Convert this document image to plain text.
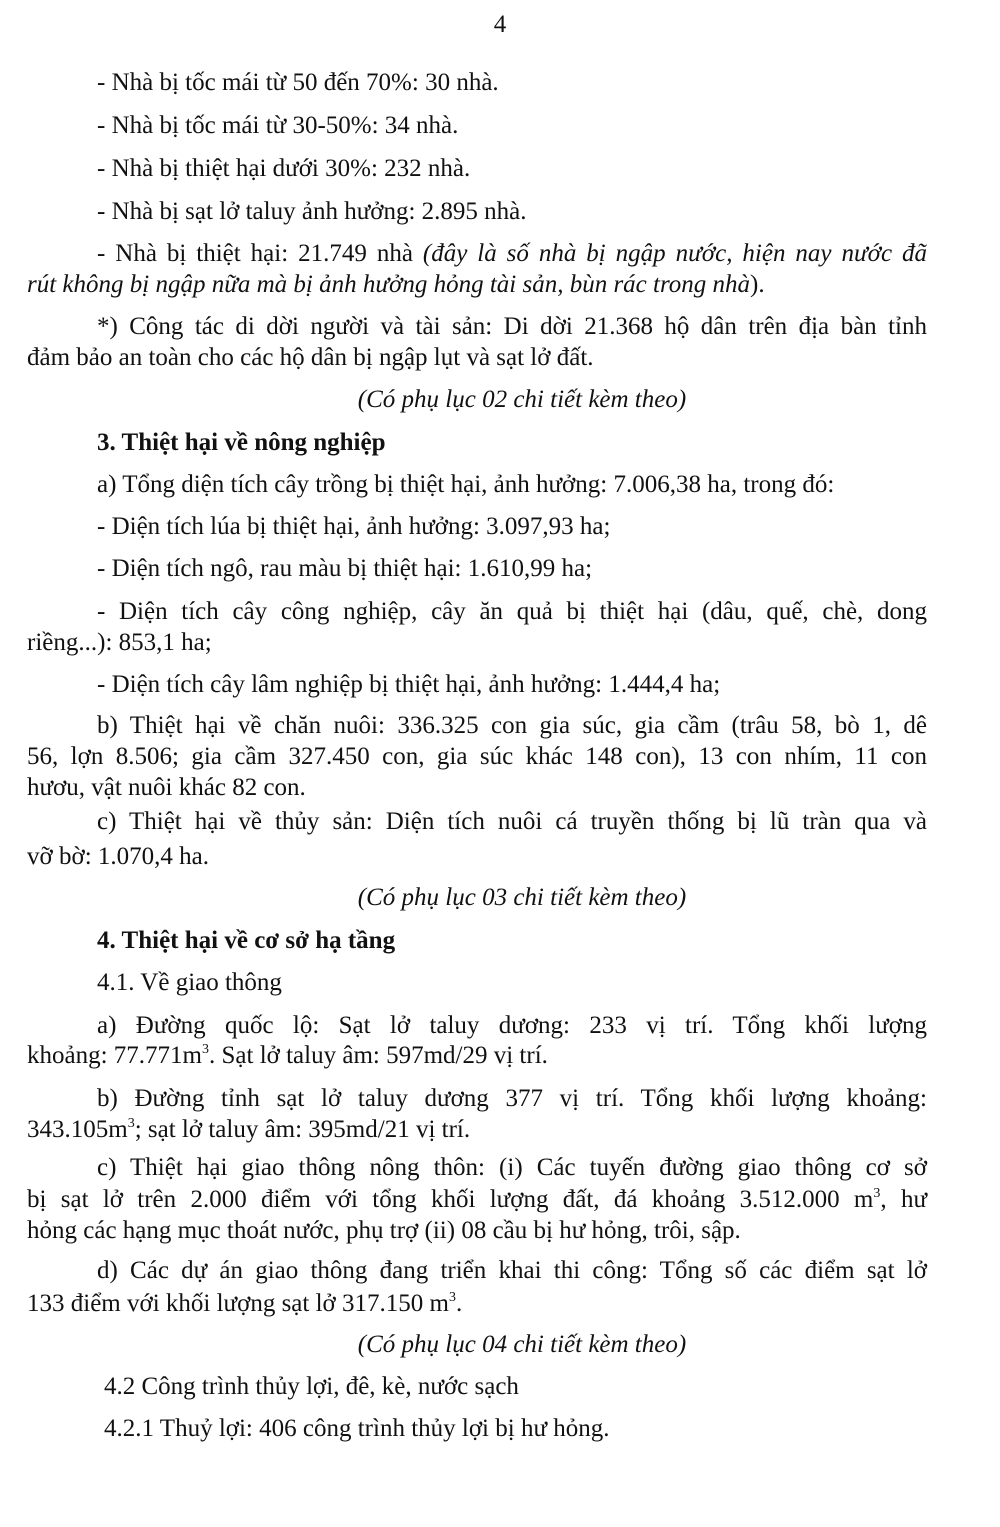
4
- Nhà bị tốc mái từ 50 đến 70%: 30 nhà.
- Nhà bị tốc mái từ 30-50%: 34 nhà.
- Nhà bị thiệt hại dưới 30%: 232 nhà.
- Nhà bị sạt lở taluy ảnh hưởng: 2.895 nhà.
- Nhà bị thiệt hại: 21.749 nhà (đây là số nhà bị ngập nước, hiện nay nước đã
rút không bị ngập nữa mà bị ảnh hưởng hỏng tài sản, bùn rác trong nhà).
*) Công tác di dời người và tài sản: Di dời 21.368 hộ dân trên địa bàn tỉnh
đảm bảo an toàn cho các hộ dân bị ngập lụt và sạt lở đất.
(Có phụ lục 02 chi tiết kèm theo)
3. Thiệt hại về nông nghiệp
a) Tổng diện tích cây trồng bị thiệt hại, ảnh hưởng: 7.006,38 ha, trong đó:
- Diện tích lúa bị thiệt hại, ảnh hưởng: 3.097,93 ha;
- Diện tích ngô, rau màu bị thiệt hại: 1.610,99 ha;
- Diện tích cây công nghiệp, cây ăn quả bị thiệt hại (dâu, quế, chè, dong
riềng...): 853,1 ha;
- Diện tích cây lâm nghiệp bị thiệt hại, ảnh hưởng: 1.444,4 ha;
b) Thiệt hại về chăn nuôi: 336.325 con gia súc, gia cầm (trâu 58, bò 1, dê
56, lợn 8.506; gia cầm 327.450 con, gia súc khác 148 con), 13 con nhím, 11 con
hươu, vật nuôi khác 82 con.
c) Thiệt hại về thủy sản: Diện tích nuôi cá truyền thống bị lũ tràn qua và
vỡ bờ: 1.070,4 ha.
(Có phụ lục 03 chi tiết kèm theo)
4. Thiệt hại về cơ sở hạ tầng
4.1. Về giao thông
a) Đường quốc lộ: Sạt lở taluy dương: 233 vị trí. Tổng khối lượng
khoảng: $77.771m^3$. Sạt lở taluy âm: 597md/29 vị trí.
b) Đường tỉnh sạt lở taluy dương 377 vị trí. Tổng khối lượng khoảng:
$343.105m^3$; sạt lở taluy âm: 395md/21 vị trí.
c) Thiệt hại giao thông nông thôn: (i) Các tuyến đường giao thông cơ sở
bị sạt lở trên 2.000 điểm với tổng khối lượng đất, đá khoảng 3.512.000 $m^3$, hư
hỏng các hạng mục thoát nước, phụ trợ (ii) 08 cầu bị hư hỏng, trôi, sập.
d) Các dự án giao thông đang triển khai thi công: Tổng số các điểm sạt lở
133 điểm với khối lượng sạt lở 317.150 $m^3$.
(Có phụ lục 04 chi tiết kèm theo)
4.2 Công trình thủy lợi, đê, kè, nước sạch
4.2.1 Thuỷ lợi: 406 công trình thủy lợi bị hư hỏng.
